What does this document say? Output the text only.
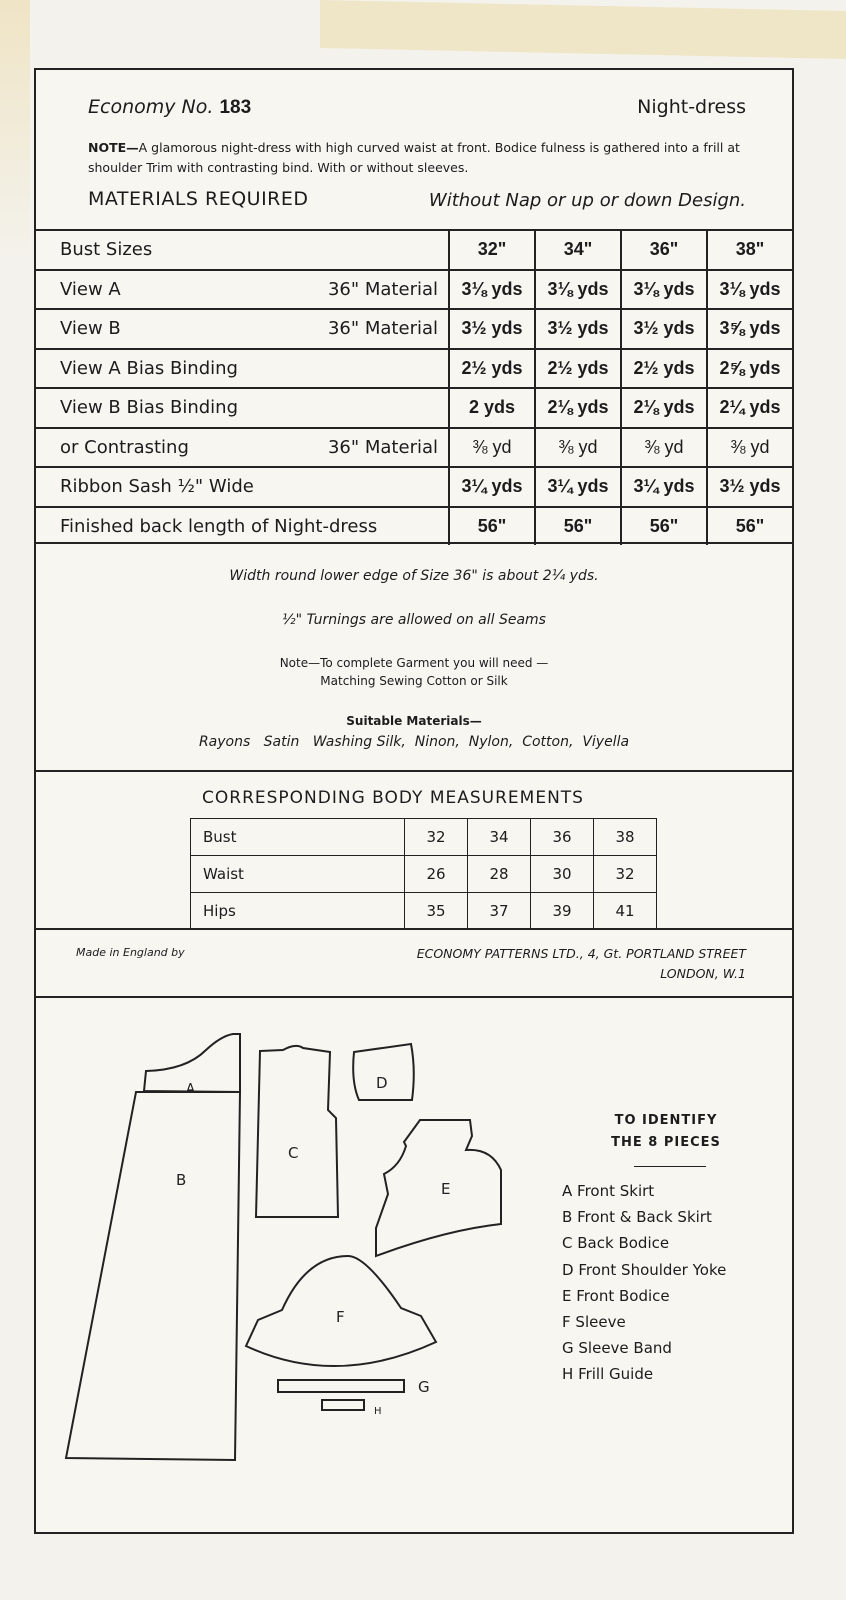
Economy No. 183	Night-dress
NOTE—A glamorous night-dress with high curved waist at front. Bodice fulness is gathered into a frill at shoulder Trim with contrasting bind. With or without sleeves.
MATERIALS REQUIRED	Without Nap or up or down Design.
Bust Sizes	32"	34"	36"	38"

View A 36" Material	3⅛ yds	3⅛ yds	3⅛ yds	3⅛ yds

View B 36" Material	3½ yds	3½ yds	3½ yds	3⅝ yds

View A Bias Binding	2½ yds	2½ yds	2½ yds	2⅝ yds

View B Bias Binding	2 yds	2⅛ yds	2⅛ yds	2¼ yds

or Contrasting 36" Material	⅜ yd	⅜ yd	⅜ yd	⅜ yd

Ribbon Sash ½" Wide	3¼ yds	3¼ yds	3¼ yds	3½ yds

Finished back length of Night-dress	56"	56"	56"	56"
Width round lower edge of Size 36" is about 2¼ yds.
½" Turnings are allowed on all Seams
Note—To complete Garment you will need —
Matching Sewing Cotton or Silk
Suitable Materials—
Rayons   Satin   Washing Silk,  Ninon,  Nylon,  Cotton,  Viyella
CORRESPONDING BODY MEASUREMENTS
Bust	32	34	36	38
Waist	26	28	30	32
Hips	35	37	39	41
Made in England by	ECONOMY PATTERNS LTD., 4, Gt. PORTLAND STREET
LONDON, W.1
A
B
C
D
E
F
G
H
TO IDENTIFY
THE 8 PIECES
A Front Skirt
B Front & Back Skirt
C Back Bodice
D Front Shoulder Yoke
E Front Bodice
F Sleeve
G Sleeve Band
H Frill Guide
